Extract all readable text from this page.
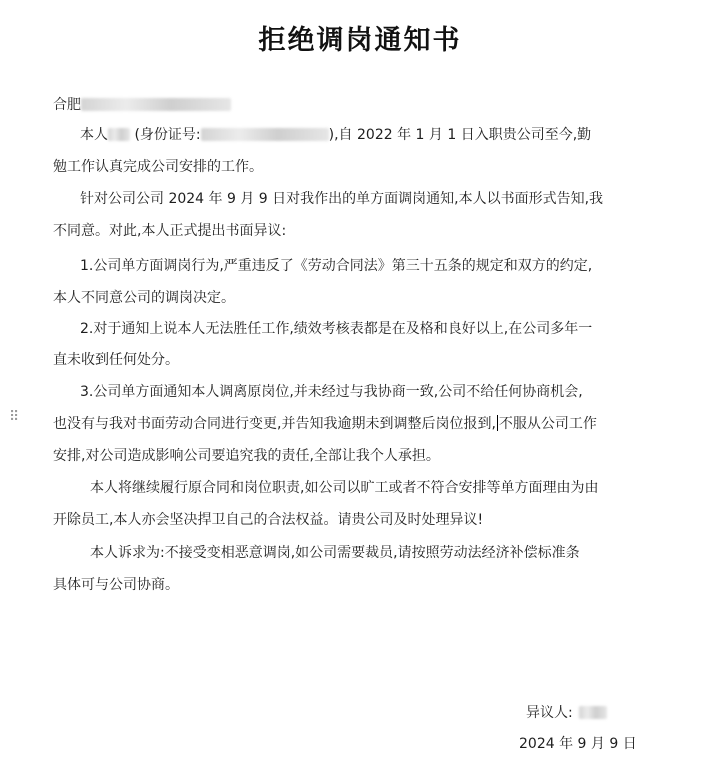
拒绝调岗通知书
合肥
本人 (身份证号:	),自 2022 年 1 月 1 日入职贵公司至今,勤
勉工作认真完成公司安排的工作。
针对公司公司 2024 年 9 月 9 日对我作出的单方面调岗通知,本人以书面形式告知,我
不同意。对此,本人正式提出书面异议:
1.公司单方面调岗行为,严重违反了《劳动合同法》第三十五条的规定和双方的约定,
本人不同意公司的调岗决定。
2.对于通知上说本人无法胜任工作,绩效考核表都是在及格和良好以上,在公司多年一
直未收到任何处分。
⠿
3.公司单方面通知本人调离原岗位,并未经过与我协商一致,公司不给任何协商机会,
也没有与我对书面劳动合同进行变更,并告知我逾期未到调整后岗位报到, 不服从公司工作
安排,对公司造成影响公司要追究我的责任,全部让我个人承担。
本人将继续履行原合同和岗位职责,如公司以旷工或者不符合安排等单方面理由为由
开除员工,本人亦会坚决捍卫自己的合法权益。请贵公司及时处理异议!
本人诉求为:不接受变相恶意调岗,如公司需要裁员,请按照劳动法经济补偿标准条
具体可与公司协商。
异议人:
2024 年 9 月 9 日
